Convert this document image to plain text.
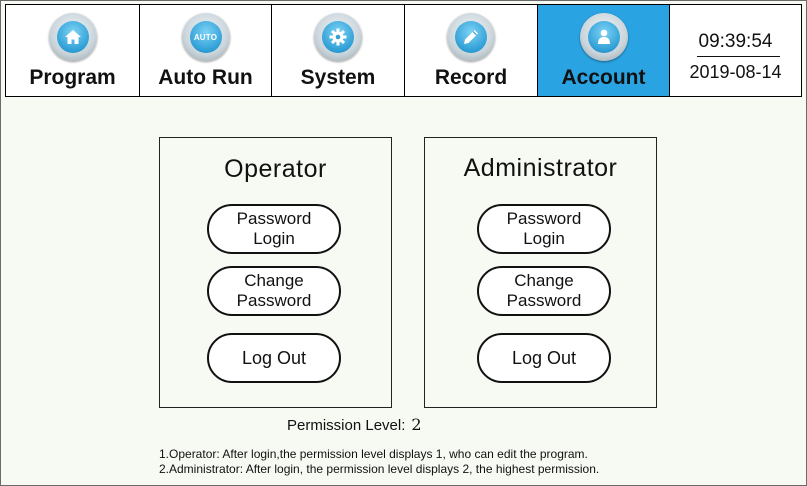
Program
AUTO
Auto Run	System	Record	Account
09:39:54
2019-08-14
Operator
Password
Login
Change
Password
Log Out
Administrator
Password
Login
Change
Password
Log Out
Permission Level: 2
1.Operator: After login,the permission level displays 1, who can edit the program.
2.Administrator: After login, the permission level displays 2, the highest permission.
